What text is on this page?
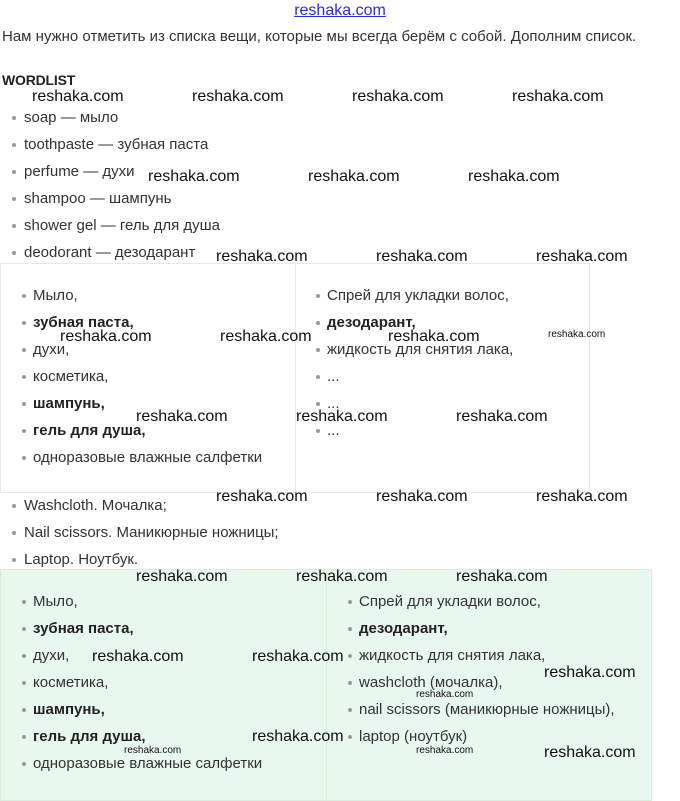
reshaka.com
Нам нужно отметить из списка вещи, которые мы всегда берём с собой. Дополним список.
WORDLIST
soap — мыло
toothpaste — зубная паста
perfume — духи
shampoo — шампунь
shower gel — гель для душа
deodorant — дезодарант
Мыло,
зубная паста,
духи,
косметика,
шампунь,
гель для душа,
одноразовые влажные салфетки
Спрей для укладки волос,
дезодарант,
жидкость для снятия лака,
...
...
...
Washcloth. Мочалка;
Nail scissors. Маникюрные ножницы;
Laptop. Ноутбук.
Мыло,
зубная паста,
духи,
косметика,
шампунь,
гель для душа,
одноразовые влажные салфетки
Спрей для укладки волос,
дезодарант,
жидкость для снятия лака,
washcloth (мочалка),
nail scissors (маникюрные ножницы),
laptop (ноутбук)
reshaka.com	reshaka.com	reshaka.com	reshaka.com
reshaka.com	reshaka.com	reshaka.com
reshaka.com	reshaka.com	reshaka.com
reshaka.com	reshaka.com	reshaka.com	reshaka.com
reshaka.com	reshaka.com	reshaka.com
reshaka.com	reshaka.com	reshaka.com
reshaka.com	reshaka.com	reshaka.com
reshaka.com	reshaka.com
reshaka.com
reshaka.com
reshaka.com
reshaka.com	reshaka.com	reshaka.com
